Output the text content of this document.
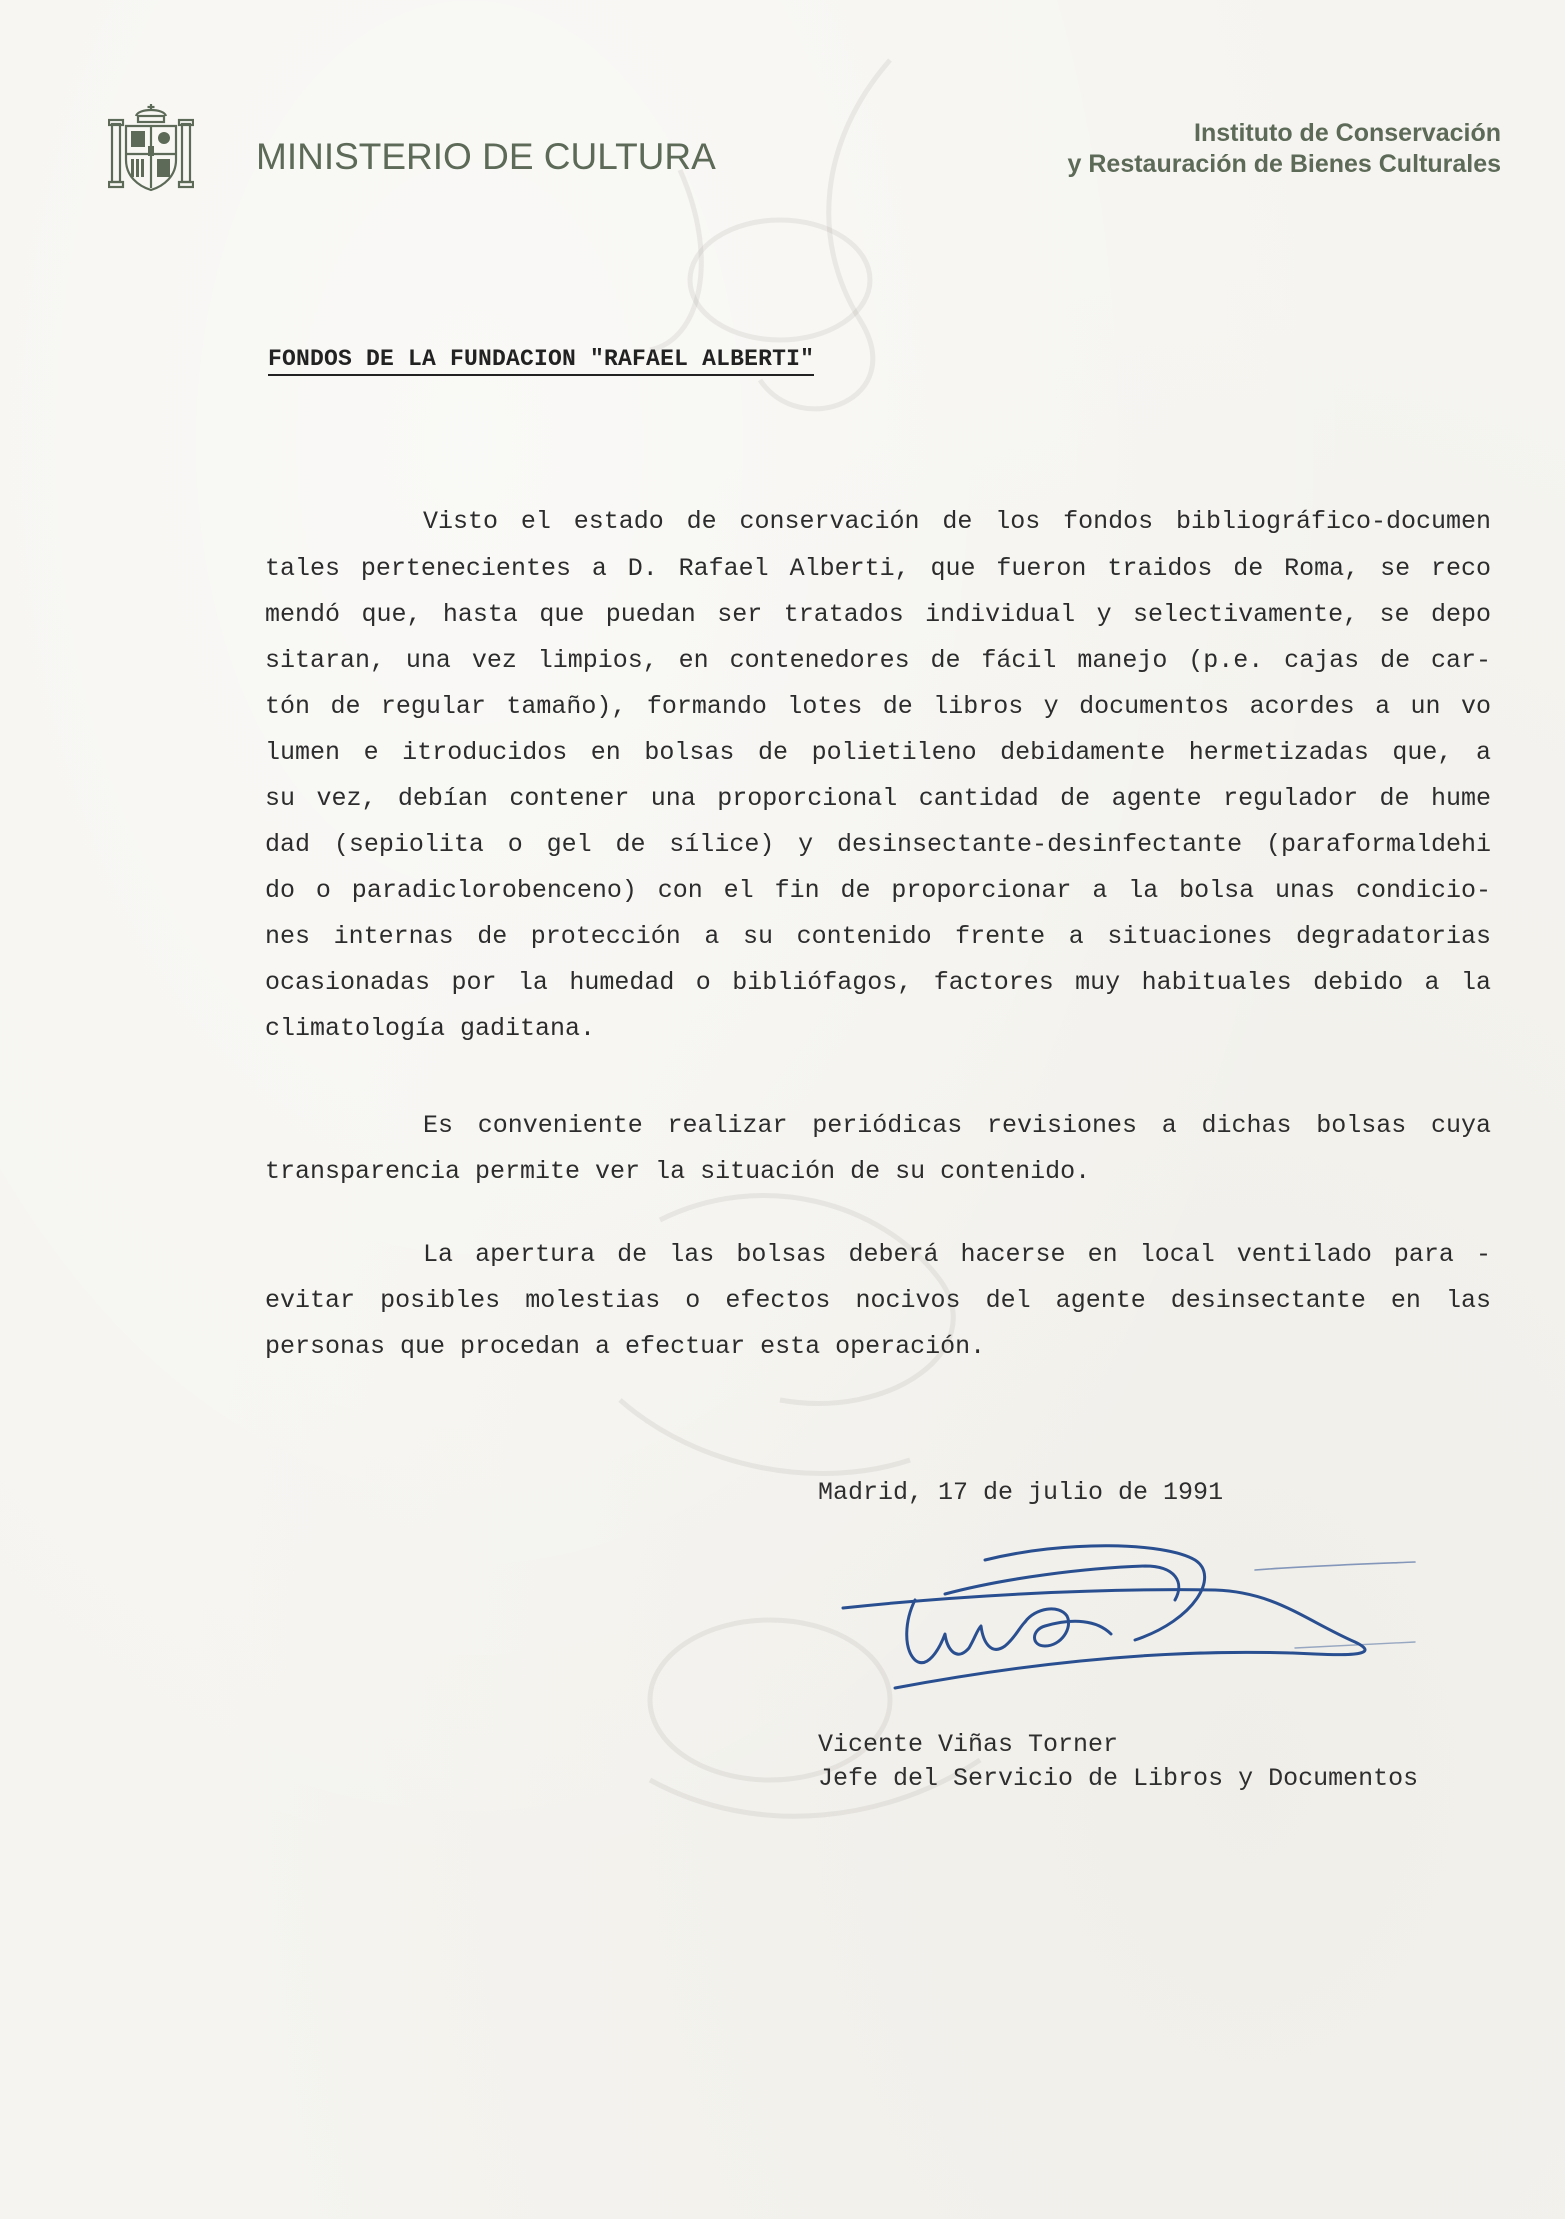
MINISTERIO DE CULTURA
Instituto de Conservación
y Restauración de Bienes Culturales
FONDOS DE LA FUNDACION "RAFAEL ALBERTI"
Visto el estado de conservación de los fondos bibliográfico-documen
tales pertenecientes a D. Rafael Alberti, que fueron traidos de Roma, se reco
mendó que, hasta que puedan ser tratados individual y selectivamente, se depo
sitaran, una vez limpios, en contenedores de fácil manejo (p.e. cajas de car-
tón de regular tamaño), formando lotes de libros y documentos acordes a un vo
lumen e itroducidos en bolsas de polietileno debidamente hermetizadas que, a
su vez, debían contener una proporcional cantidad de agente regulador de hume
dad (sepiolita o gel de sílice) y desinsectante-desinfectante (paraformaldehi
do o paradiclorobenceno) con el fin de proporcionar a la bolsa unas condicio-
nes internas de protección a su contenido frente a situaciones degradatorias
ocasionadas por la humedad o bibliófagos, factores muy habituales debido a la
climatología gaditana.
Es conveniente realizar periódicas revisiones a dichas bolsas cuya
transparencia permite ver la situación de su contenido.
La apertura de las bolsas deberá hacerse en local ventilado para -
evitar posibles molestias o efectos nocivos del agente desinsectante en las
personas que procedan a efectuar esta operación.
Madrid, 17 de julio de 1991
Vicente Viñas Torner
Jefe del Servicio de Libros y Documentos
